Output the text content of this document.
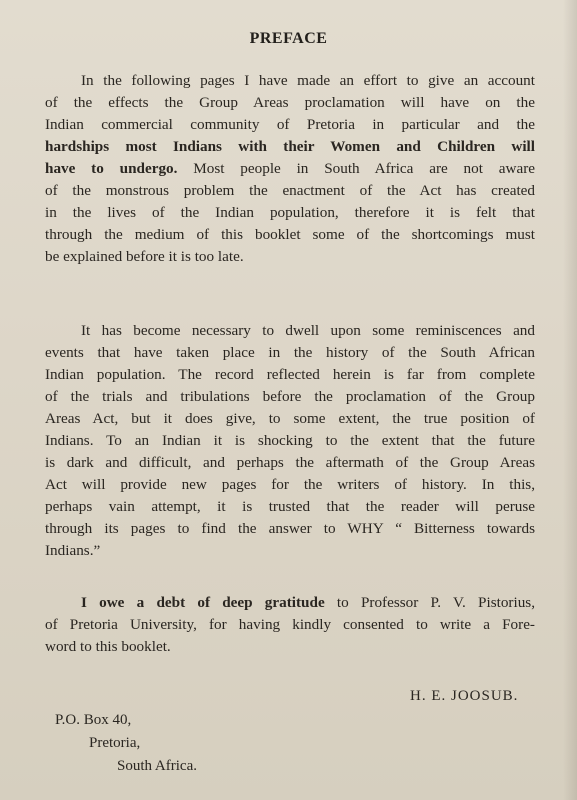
PREFACE
In the following pages I have made an effort to give an account
of the effects the Group Areas proclamation will have on the
Indian commercial community of Pretoria in particular and the
hardships most Indians with their Women and Children will
have to undergo. Most people in South Africa are not aware
of the monstrous problem the enactment of the Act has created
in the lives of the Indian population, therefore it is felt that
through the medium of this booklet some of the shortcomings must
be explained before it is too late.
It has become necessary to dwell upon some reminiscences and
events that have taken place in the history of the South African
Indian population. The record reflected herein is far from complete
of the trials and tribulations before the proclamation of the Group
Areas Act, but it does give, to some extent, the true position of
Indians. To an Indian it is shocking to the extent that the future
is dark and difficult, and perhaps the aftermath of the Group Areas
Act will provide new pages for the writers of history. In this,
perhaps vain attempt, it is trusted that the reader will peruse
through its pages to find the answer to WHY “ Bitterness towards
Indians.”
I owe a debt of deep gratitude to Professor P. V. Pistorius,
of Pretoria University, for having kindly consented to write a Fore-
word to this booklet.
H. E. JOOSUB.
P.O. Box 40,
Pretoria,
South Africa.
